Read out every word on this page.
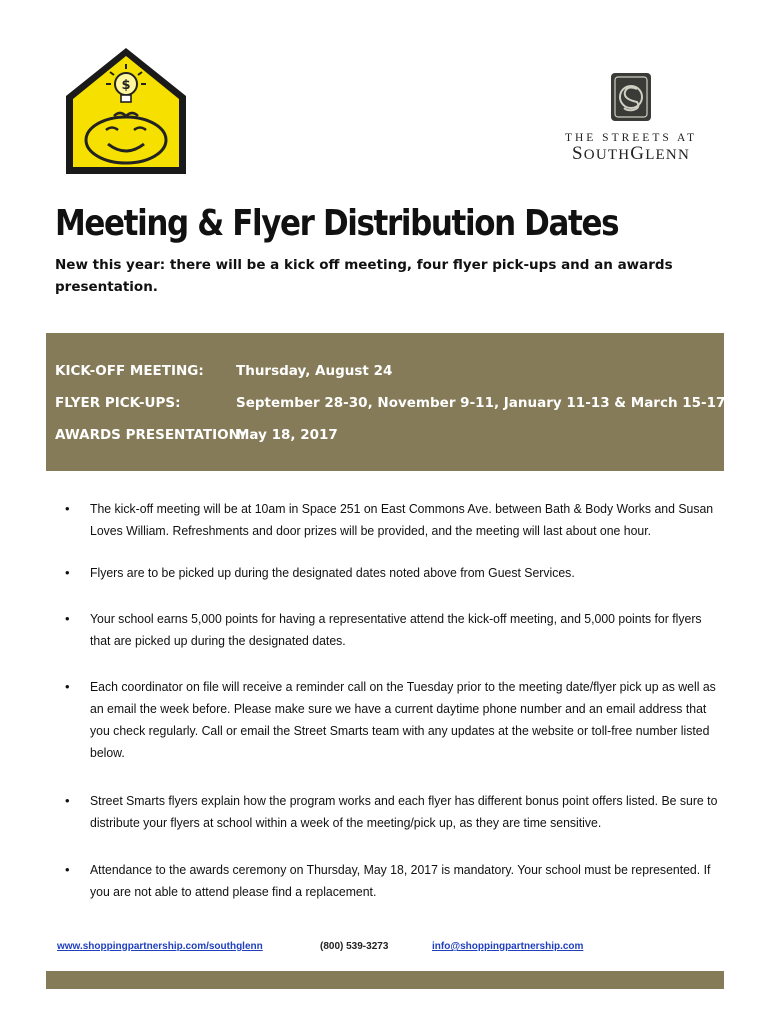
$
THE STREETS AT
SOUTHGLENN
Meeting & Flyer Distribution Dates
New this year: there will be a kick off meeting, four flyer pick-ups and an awards presentation.
KICK-OFF MEETING: Thursday, August 24
FLYER PICK-UPS:	September 28-30, November 9-11, January 11-13 & March 15-17
AWARDS PRESENTATION:May 18, 2017
• The kick-off meeting will be at 10am in Space 251 on East Commons Ave. between Bath & Body Works and Susan Loves William. Refreshments and door prizes will be provided, and the meeting will last about one hour.
• Flyers are to be picked up during the designated dates noted above from Guest Services.
• Your school earns 5,000 points for having a representative attend the kick-off meeting, and 5,000 points for flyers that are picked up during the designated dates.
• Each coordinator on file will receive a reminder call on the Tuesday prior to the meeting date/flyer pick up as well as an email the week before. Please make sure we have a current daytime phone number and an email address that you check regularly. Call or email the Street Smarts team with any updates at the website or toll-free number listed below.
• Street Smarts flyers explain how the program works and each flyer has different bonus point offers listed. Be sure to distribute your flyers at school within a week of the meeting/pick up, as they are time sensitive.
• Attendance to the awards ceremony on Thursday, May 18, 2017 is mandatory. Your school must be represented. If you are not able to attend please find a replacement.
www.shoppingpartnership.com/southglenn	(800) 539-3273	info@shoppingpartnership.com
